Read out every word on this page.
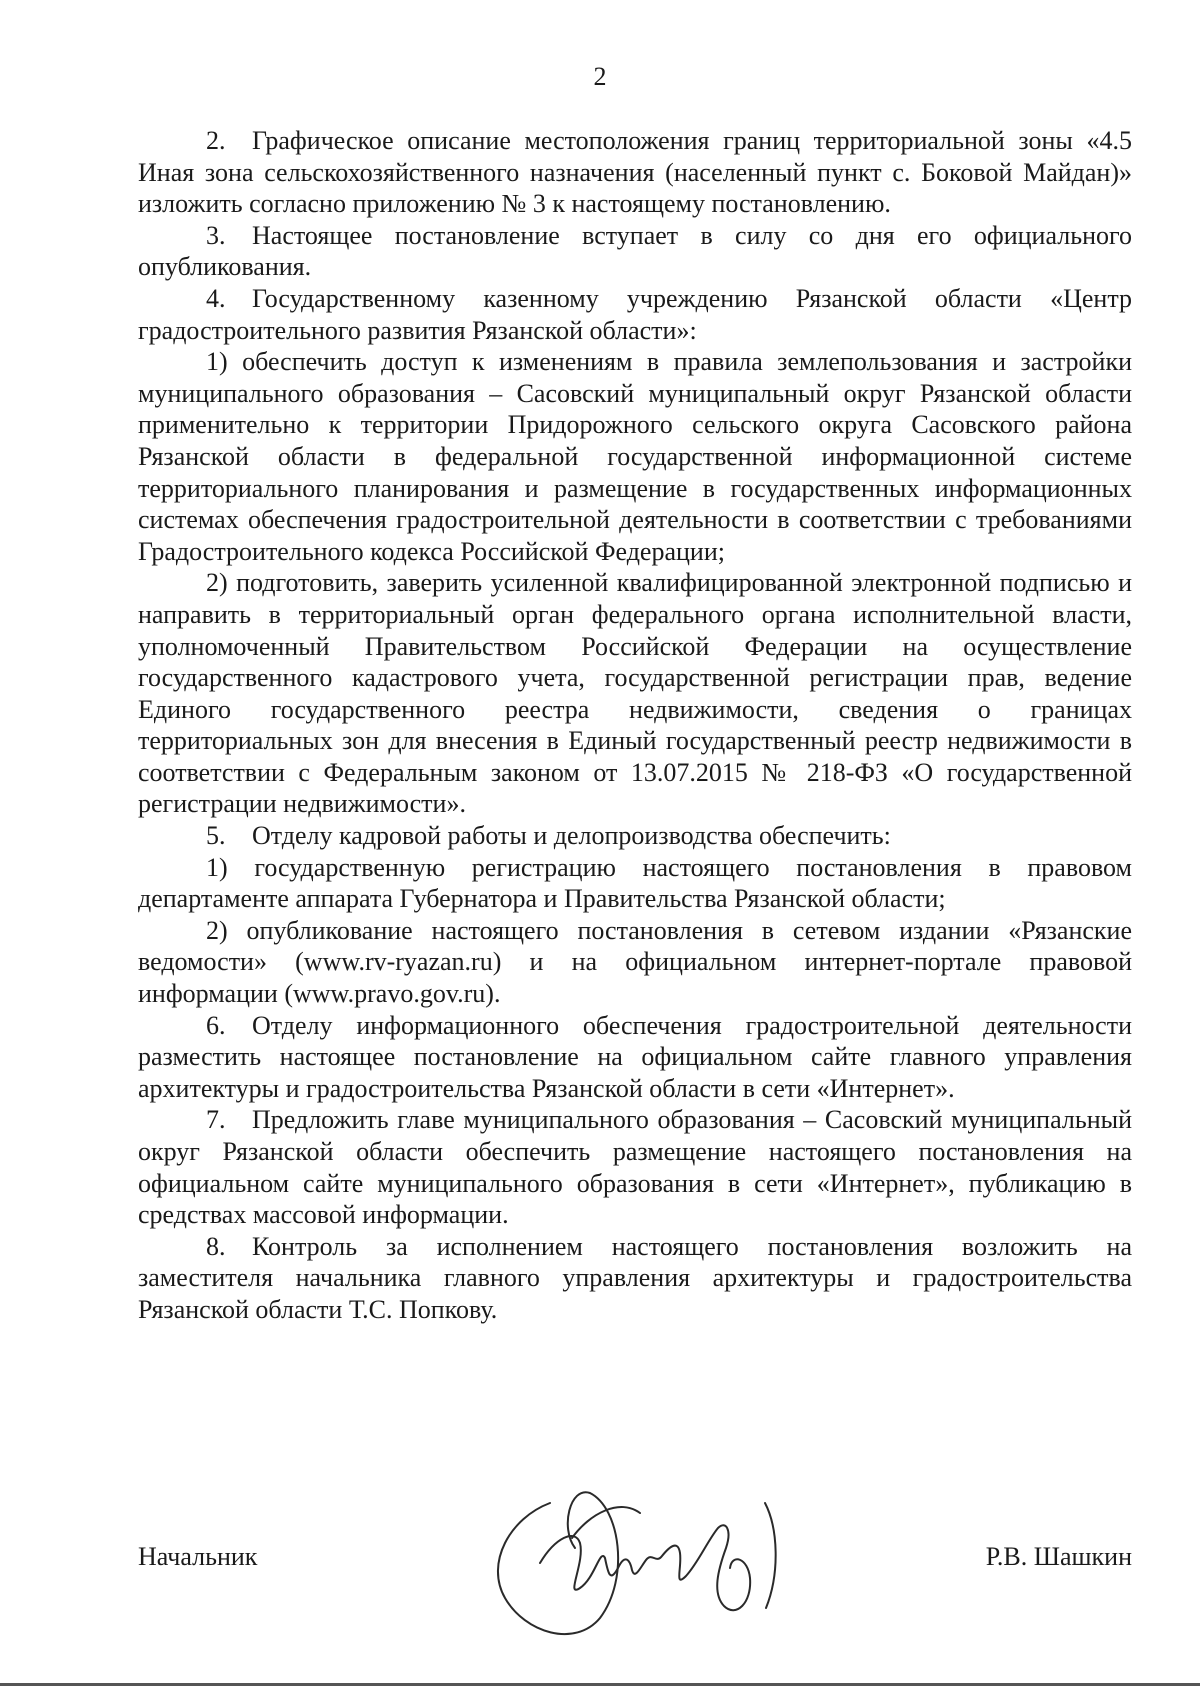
2

2. Графическое описание местоположения границ территориальной зоны «4.5 Иная зона сельскохозяйственного назначения (населенный пункт с. Боковой Майдан)» изложить согласно приложению № 3 к настоящему постановлению.

3. Настоящее постановление вступает в силу со дня его официального опубликования.

4. Государственному казенному учреждению Рязанской области «Центр градостроительного развития Рязанской области»:

1) обеспечить доступ к изменениям в правила землепользования и застройки муниципального образования – Сасовский муниципальный округ Рязанской области применительно к территории Придорожного сельского округа Сасовского района Рязанской области в федеральной государственной информационной системе территориального планирования и размещение в государственных информационных системах обеспечения градостроительной деятельности в соответствии с требованиями Градостроительного кодекса Российской Федерации;

2) подготовить, заверить усиленной квалифицированной электронной подписью и направить в территориальный орган федерального органа исполнительной власти, уполномоченный Правительством Российской Федерации на осуществление государственного кадастрового учета, государственной регистрации прав, ведение Единого государственного реестра недвижимости, сведения о границах территориальных зон для внесения в Единый государственный реестр недвижимости в соответствии с Федеральным законом от 13.07.2015 № 218-ФЗ «О государственной регистрации недвижимости».

5. Отделу кадровой работы и делопроизводства обеспечить:

1) государственную регистрацию настоящего постановления в правовом департаменте аппарата Губернатора и Правительства Рязанской области;

2) опубликование настоящего постановления в сетевом издании «Рязанские ведомости» (www.rv-ryazan.ru) и на официальном интернет-портале правовой информации (www.pravo.gov.ru).

6. Отделу информационного обеспечения градостроительной деятельности разместить настоящее постановление на официальном сайте главного управления архитектуры и градостроительства Рязанской области в сети «Интернет».

7. Предложить главе муниципального образования – Сасовский муниципальный округ Рязанской области обеспечить размещение настоящего постановления на официальном сайте муниципального образования в сети «Интернет», публикацию в средствах массовой информации.

8. Контроль за исполнением настоящего постановления возложить на заместителя начальника главного управления архитектуры и градостроительства Рязанской области Т.С. Попкову.

Начальник	Р.В. Шашкин
